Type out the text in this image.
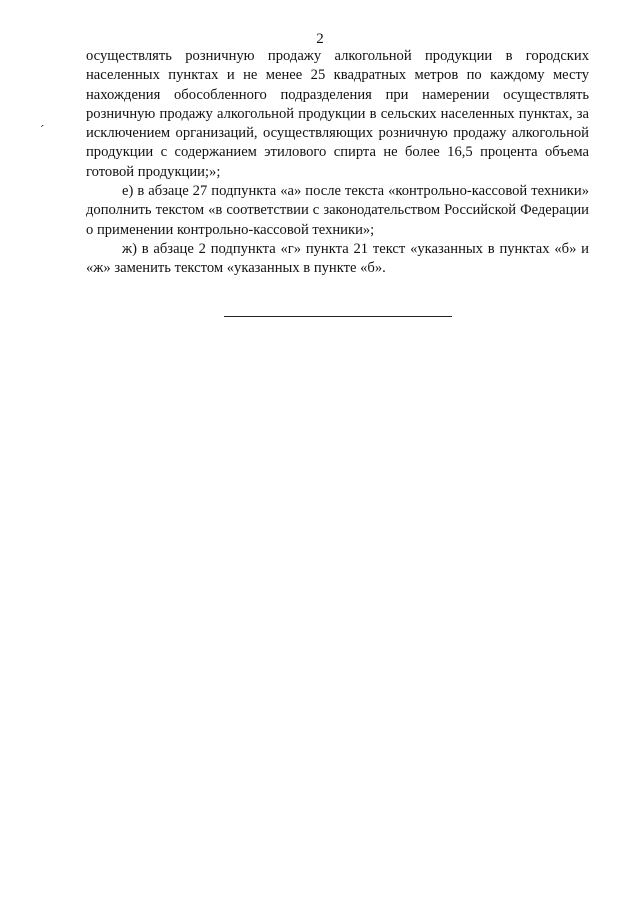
2
ˊ

осуществлять розничную продажу алкогольной продукции в городских населенных пунктах и не менее 25 квадратных метров по каждому месту нахождения обособленного подразделения при намерении осуществлять розничную продажу алкогольной продукции в сельских населенных пунктах, за исключением организаций, осуществляющих розничную продажу алкогольной продукции с содержанием этилового спирта не более 16,5 процента объема готовой продукции;»;

е) в абзаце 27 подпункта «а» после текста «контрольно-кассовой техники» дополнить текстом «в соответствии с законодательством Российской Федерации о применении контрольно-кассовой техники»;

ж) в абзаце 2 подпункта «г» пункта 21 текст «указанных в пунктах «б» и «ж» заменить текстом «указанных в пункте «б».
